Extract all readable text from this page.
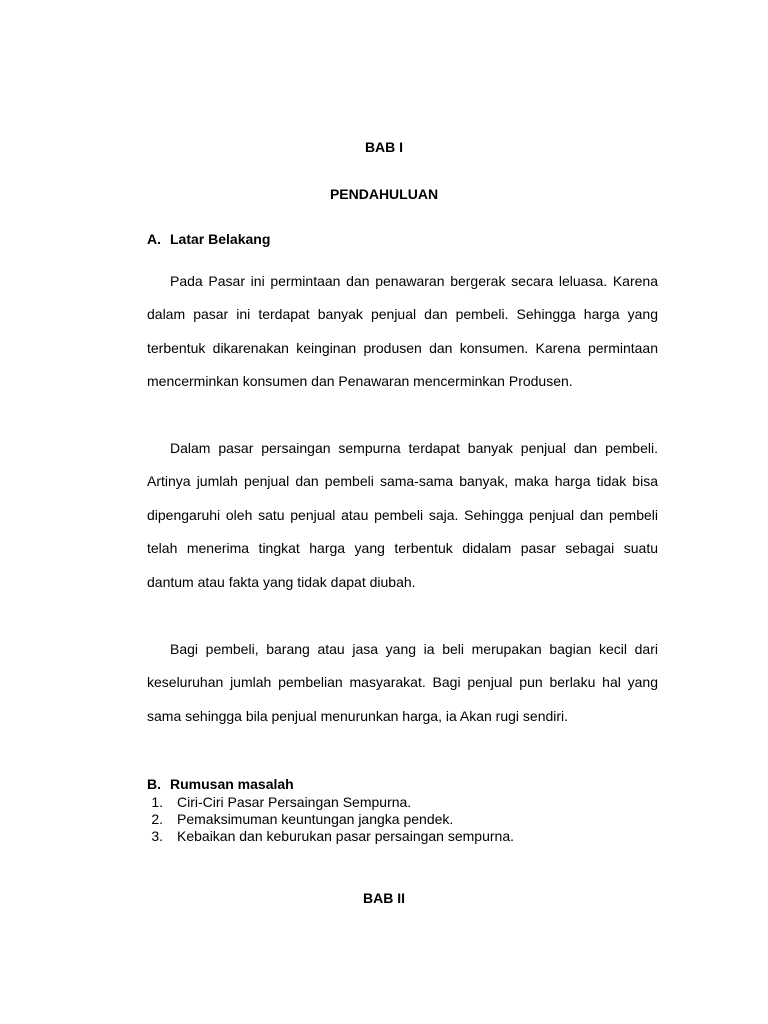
BAB I
PENDAHULUAN
A. Latar Belakang

Pada Pasar ini permintaan dan penawaran bergerak secara leluasa. Karena dalam pasar ini terdapat banyak penjual dan pembeli. Sehingga harga yang terbentuk dikarenakan keinginan produsen dan konsumen. Karena permintaan mencerminkan konsumen dan Penawaran mencerminkan Produsen.

Dalam pasar persaingan sempurna terdapat banyak penjual dan pembeli. Artinya jumlah penjual dan pembeli sama-sama banyak, maka harga tidak bisa dipengaruhi oleh satu penjual atau pembeli saja. Sehingga penjual dan pembeli telah menerima tingkat harga yang terbentuk didalam pasar sebagai suatu dantum atau fakta yang tidak dapat diubah.

Bagi pembeli, barang atau jasa yang ia beli merupakan bagian kecil dari keseluruhan jumlah pembelian masyarakat. Bagi penjual pun berlaku hal yang sama sehingga bila penjual menurunkan harga, ia Akan rugi sendiri.

B. Rumusan masalah
1.	Ciri-Ciri Pasar Persaingan Sempurna.
2.	Pemaksimuman keuntungan jangka pendek.
3.	Kebaikan dan keburukan pasar persaingan sempurna.
BAB II
